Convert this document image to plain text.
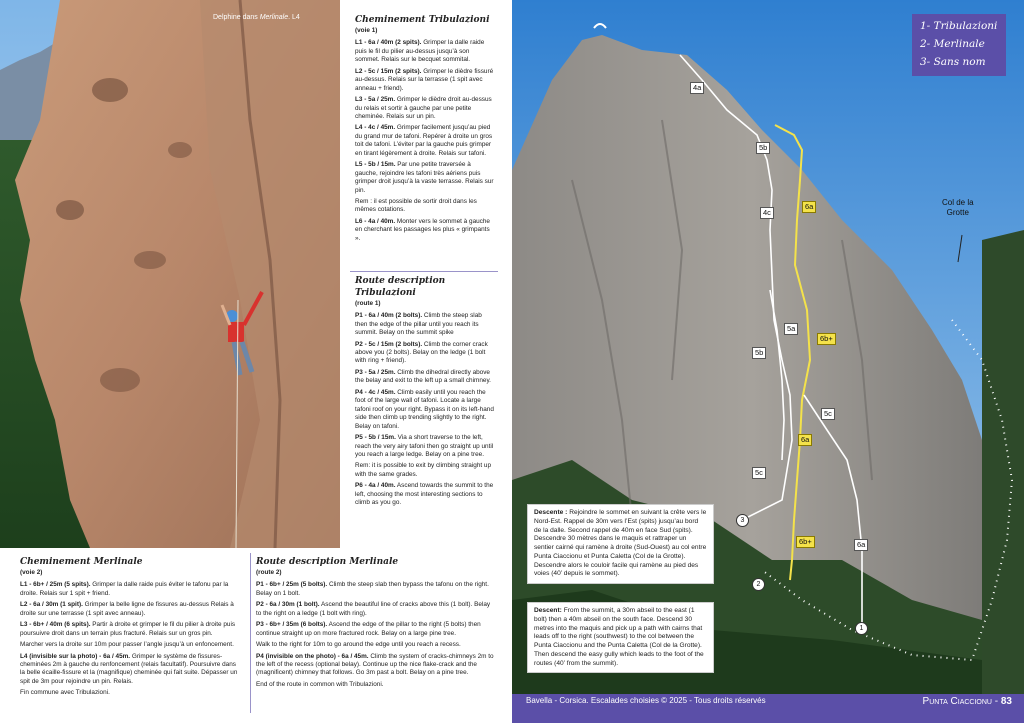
Delphine dans Merlinale. L4	Cheminement Tribulazioni
(voie 1)

L1 - 6a / 40m (2 spits). Grimper la dalle raide puis le fil du pilier au-dessus jusqu’à son sommet. Relais sur le becquet sommital.

L2 - 5c / 15m (2 spits). Grimper le dièdre fissuré au-dessus. Relais sur la terrasse (1 spit avec anneau + friend).

L3 - 5a / 25m. Grimper le dièdre droit au-dessus du relais et sortir à gauche par une petite cheminée. Relais sur un pin.

L4 - 4c / 45m. Grimper facilement jusqu’au pied du grand mur de tafoni. Repérer à droite un gros toit de tafoni. L’éviter par la gauche puis grimper en tirant légèrement à droite. Relais sur tafoni.

L5 - 5b / 15m. Par une petite traversée à gauche, rejoindre les tafoni très aériens puis grimper droit jusqu’à la vaste terrasse. Relais sur pin.

Rem : il est possible de sortir droit dans les mêmes cotations.

L6 - 4a / 40m. Monter vers le sommet à gauche en cherchant les passages les plus « grimpants ».

Route description Tribulazioni
(route 1)

P1 - 6a / 40m (2 bolts). Climb the steep slab then the edge of the pillar until you reach its summit. Belay on the summit spike

P2 - 5c / 15m (2 bolts). Climb the corner crack above you (2 bolts). Belay on the ledge (1 bolt with ring + friend).

P3 - 5a / 25m. Climb the dihedral directly above the belay and exit to the left up a small chimney.

P4 - 4c / 45m. Climb easily until you reach the foot of the large wall of tafoni. Locate a large tafoni roof on your right. Bypass it on its left-hand side then climb up trending slightly to the right. Belay on tafoni.

P5 - 5b / 15m. Via a short traverse to the left, reach the very airy tafoni then go straight up until you reach a large ledge. Belay on a pine tree.

Rem: it is possible to exit by climbing straight up with the same grades.

P6 - 4a / 40m. Ascend towards the summit to the left, choosing the most interesting sections to climb as you go.

Cheminement Merlinale
(voie 2)

L1 - 6b+ / 25m (5 spits). Grimper la dalle raide puis éviter le tafonu par la droite. Relais sur 1 spit + friend.

L2 - 6a / 30m (1 spit). Grimper la belle ligne de fissures au-dessus Relais à droite sur une terrasse (1 spit avec anneau).

L3 - 6b+ / 40m (6 spits). Partir à droite et grimper le fil du pilier à droite puis poursuivre droit dans un terrain plus fracturé. Relais sur un gros pin.

Marcher vers la droite sur 10m pour passer l’angle jusqu’à un enfoncement.

L4 (invisible sur la photo) - 6a / 45m. Grimper le système de fissures-cheminées 2m à gauche du renfoncement (relais facultatif). Poursuivre dans la belle écaille-fissure et la (magnifique) cheminée qui fait suite. Dépasser un spit de 3m pour rejoindre un pin. Relais.

Fin commune avec Tribulazioni.

Route description Merlinale
(route 2)

P1 - 6b+ / 25m (5 bolts). Climb the steep slab then bypass the tafonu on the right. Belay on 1 bolt.

P2 - 6a / 30m (1 bolt). Ascend the beautiful line of cracks above this (1 bolt). Belay to the right on a ledge (1 bolt with ring).

P3 - 6b+ / 35m (6 bolts). Ascend the edge of the pillar to the right (5 bolts) then continue straight up on more fractured rock. Belay on a large pine tree.

Walk to the right for 10m to go around the edge until you reach a recess.

P4 (invisible on the photo) - 6a / 45m. Climb the system of cracks-chimneys 2m to the left of the recess (optional belay). Continue up the nice flake-crack and the (magnificent) chimney that follows. Go 3m past a bolt. Belay on a pine tree.

End of the route in common with Tribulazioni.

1- Tribulazioni
2- Merlinale
3- Sans nom
Col de la
Grotte
4a
5b
4c
5a
5b
5c
5c
6a
6b+
6a
6b+	6a
1
2
3
Descente : Rejoindre le sommet en suivant la crête vers le Nord-Est. Rappel de 30m vers l’Est (spits) jusqu’au bord de la dalle. Second rappel de 40m en face Sud (spits). Descendre 30 mètres dans le maquis et rattraper un sentier cairné qui ramène à droite (Sud-Ouest) au col entre Punta Ciaccionu et Punta Caletta (Col de la Grotte). Descendre alors le couloir facile qui ramène au pied des voies (40’ depuis le sommet).
Descent: From the summit, a 30m abseil to the east (1 bolt) then a 40m abseil on the south face. Descend 30 metres into the maquis and pick up a path with cairns that leads off to the right (southwest) to the col between the Punta Ciaccionu and the Punta Caletta (Col de la Grotte). Then descend the easy gully which leads to the foot of the routes (40’ from the summit).
Bavella - Corsica. Escalades choisies © 2025 - Tous droits réservés	Punta Ciaccionu - 83
